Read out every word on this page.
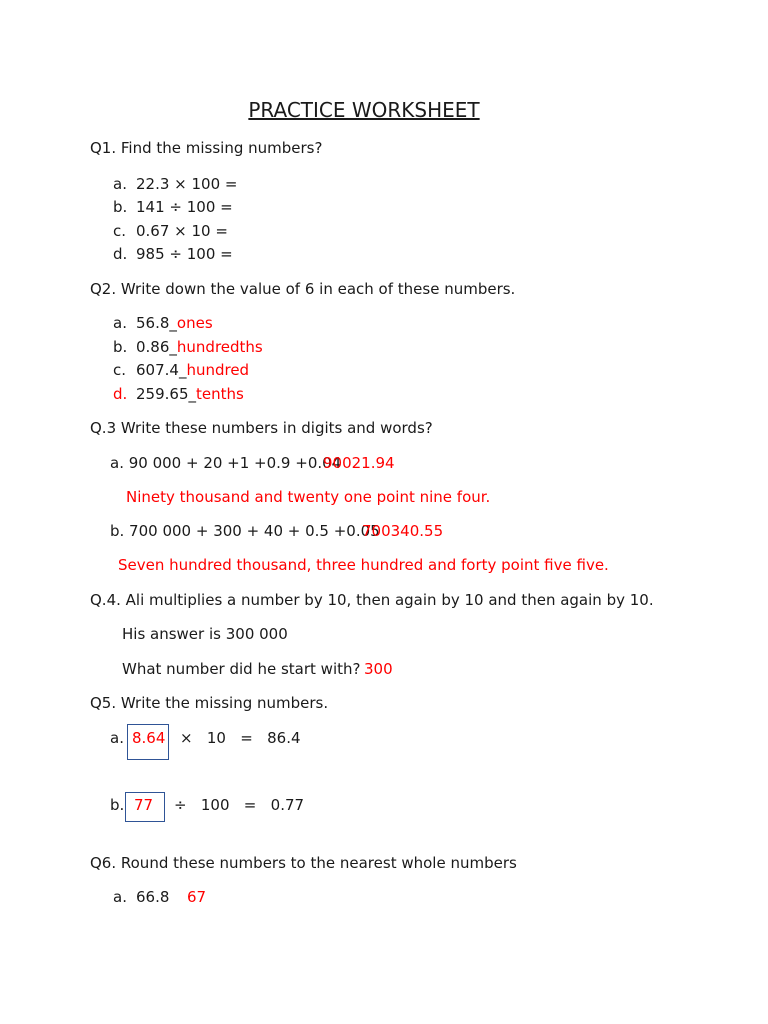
PRACTICE WORKSHEET
Q1. Find the missing numbers?
a. 22.3 × 100 =
b. 141 ÷ 100 =
c. 0.67 × 10 =
d. 985 ÷ 100 =
Q2. Write down the value of 6 in each of these numbers.
a. 56.8_ones
b. 0.86_hundredths
c. 607.4_hundred
d. 259.65_tenths
Q.3 Write these numbers in digits and words?
a. 90 000 + 20 +1 +0.9 +0.04
90021.94
Ninety thousand and twenty one point nine four.
b. 700 000 + 300 + 40 + 0.5 +0.05
700340.55
Seven hundred thousand, three hundred and forty point five five.
Q.4. Ali multiplies a number by 10, then again by 10 and then again by 10.
His answer is 300 000
What number did he start with? 300
Q5. Write the missing numbers.
a. 8.64 ×   10   =   86.4
b. 77 ÷   100   =   0.77
Q6. Round these numbers to the nearest whole numbers
a. 66.8 67
